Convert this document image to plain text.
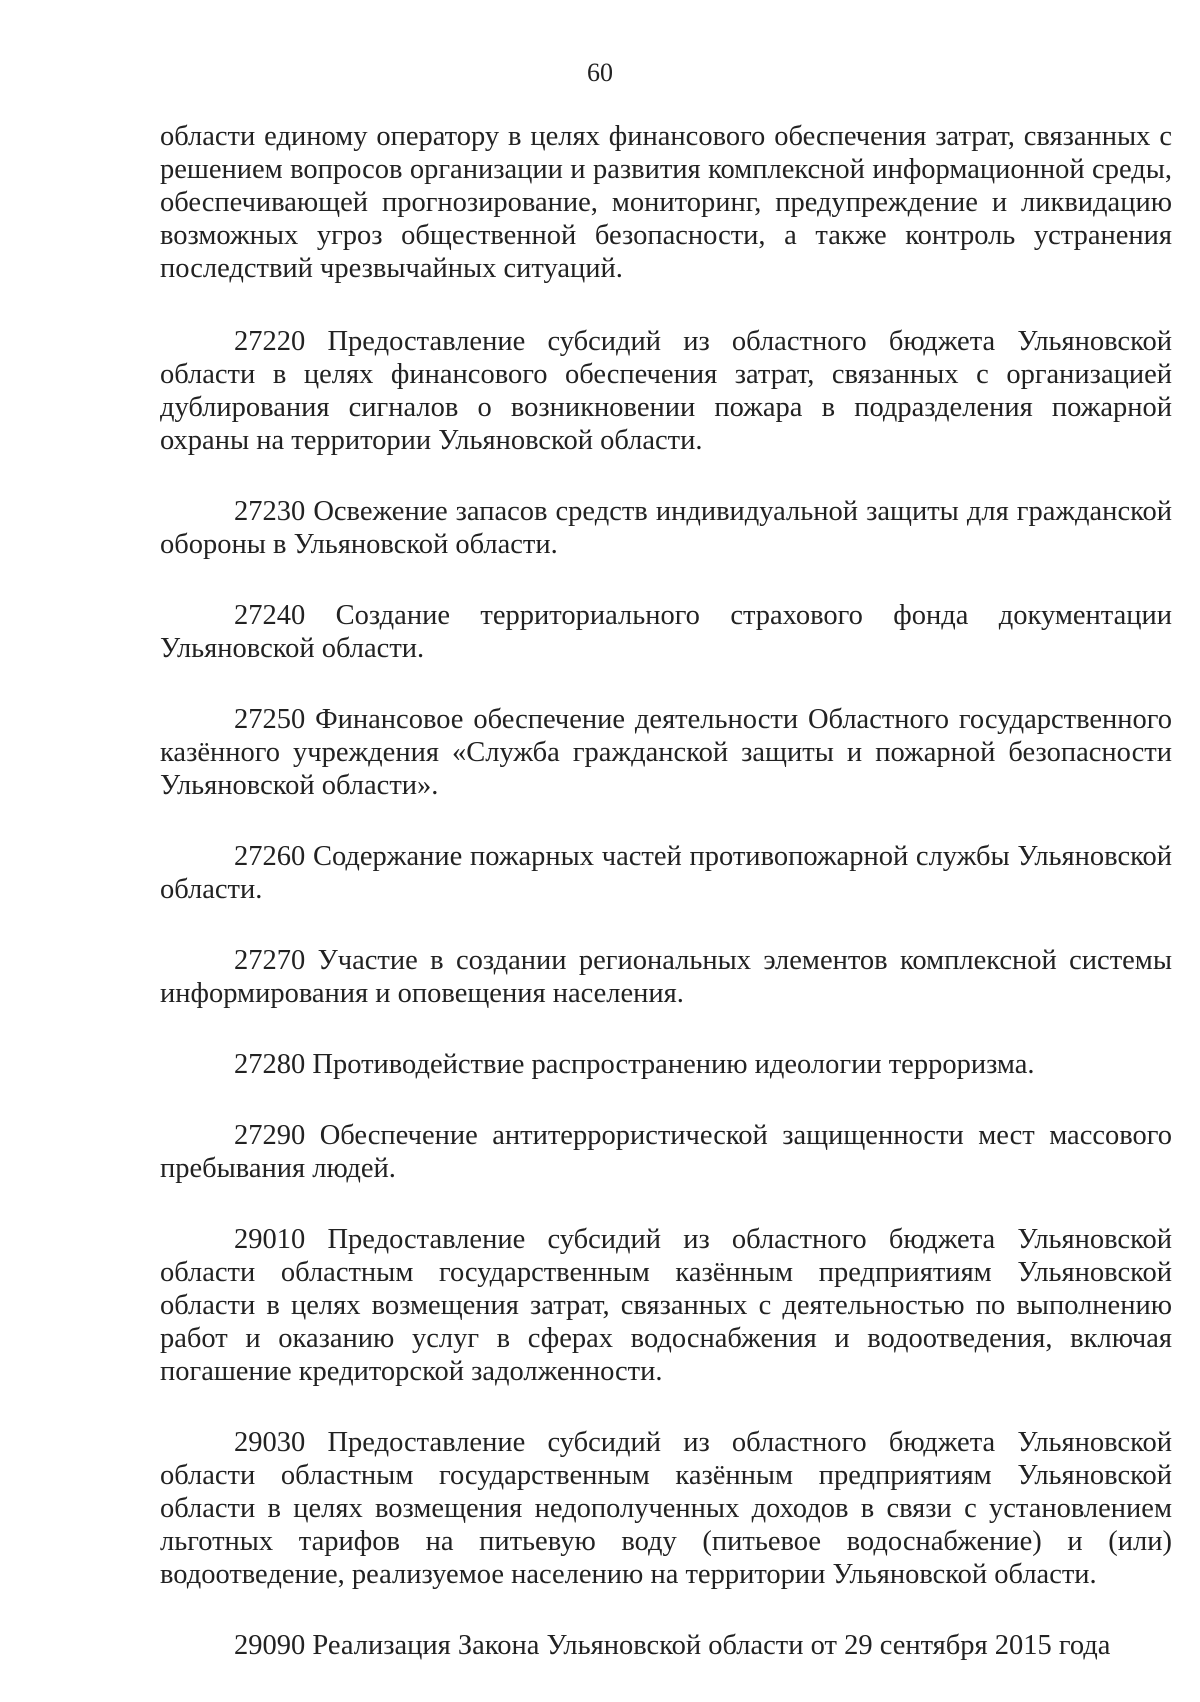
60

области единому оператору в целях финансового обеспечения затрат, связанных с решением вопросов организации и развития комплексной информационной среды, обеспечивающей прогнозирование, мониторинг, предупреждение и ликвидацию возможных угроз общественной безопасности, а также контроль устранения последствий чрезвычайных ситуаций.

27220 Предоставление субсидий из областного бюджета Ульяновской области в целях финансового обеспечения затрат, связанных с организацией дублирования сигналов о возникновении пожара в подразделения пожарной охраны на территории Ульяновской области.

27230 Освежение запасов средств индивидуальной защиты для гражданской обороны в Ульяновской области.

27240 Создание территориального страхового фонда документации Ульяновской области.

27250 Финансовое обеспечение деятельности Областного государственного казённого учреждения «Служба гражданской защиты и пожарной безопасности Ульяновской области».

27260 Содержание пожарных частей противопожарной службы Ульяновской области.

27270 Участие в создании региональных элементов комплексной системы информирования и оповещения населения.

27280 Противодействие распространению идеологии терроризма.

27290 Обеспечение антитеррористической защищенности мест массового пребывания людей.

29010 Предоставление субсидий из областного бюджета Ульяновской области областным государственным казённым предприятиям Ульяновской области в целях возмещения затрат, связанных с деятельностью по выполнению работ и оказанию услуг в сферах водоснабжения и водоотведения, включая погашение кредиторской задолженности.

29030 Предоставление субсидий из областного бюджета Ульяновской области областным государственным казённым предприятиям Ульяновской области в целях возмещения недополученных доходов в связи с установлением льготных тарифов на питьевую воду (питьевое водоснабжение) и (или) водоотведение, реализуемое населению на территории Ульяновской области.

29090 Реализация Закона Ульяновской области от 29 сентября 2015 года
